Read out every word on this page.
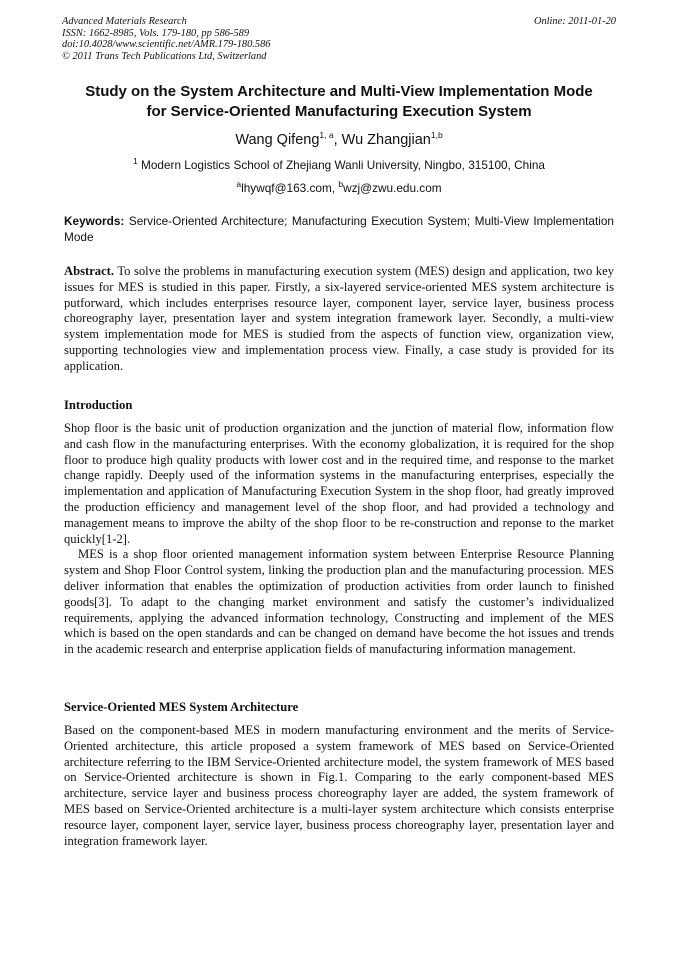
Advanced Materials Research
ISSN: 1662-8985, Vols. 179-180, pp 586-589
doi:10.4028/www.scientific.net/AMR.179-180.586
© 2011 Trans Tech Publications Ltd, Switzerland
Online: 2011-01-20
Study on the System Architecture and Multi-View Implementation Mode
for Service-Oriented Manufacturing Execution System
Wang Qifeng$^{1, a}$, Wu Zhangjian$^{1,b}$
$^1$ Modern Logistics School of Zhejiang Wanli University, Ningbo, 315100, China
$^a$lhywqf@163.com, $^b$wzj@zwu.edu.com
Keywords: Service-Oriented Architecture; Manufacturing Execution System; Multi-View Implementation Mode
Abstract. To solve the problems in manufacturing execution system (MES) design and application, two key issues for MES is studied in this paper. Firstly, a six-layered service-oriented MES system architecture is putforward, which includes enterprises resource layer, component layer, service layer, business process choreography layer, presentation layer and system integration framework layer. Secondly, a multi-view system implementation mode for MES is studied from the aspects of function view, organization view, supporting technologies view and implementation process view. Finally, a case study is provided for its application.
Introduction

Shop floor is the basic unit of production organization and the junction of material flow, information flow and cash flow in the manufacturing enterprises. With the economy globalization, it is required for the shop floor to produce high quality products with lower cost and in the required time, and response to the market change rapidly. Deeply used of the information systems in the manufacturing enterprises, especially the implementation and application of Manufacturing Execution System in the shop floor, had greatly improved the production efficiency and management level of the shop floor, and had provided a technology and management means to improve the abilty of the shop floor to be re-construction and reponse to the market quickly[1-2].

MES is a shop floor oriented management information system between Enterprise Resource Planning system and Shop Floor Control system, linking the production plan and the manufacturing procession. MES deliver information that enables the optimization of production activities from order launch to finished goods[3]. To adapt to the changing market environment and satisfy the customer’s individualized requirements, applying the advanced information technology, Constructing and implement of the MES which is based on the open standards and can be changed on demand have become the hot issues and trends in the academic research and enterprise application fields of manufacturing information management.

Service-Oriented MES System Architecture

Based on the component-based MES in modern manufacturing environment and the merits of Service-Oriented architecture, this article proposed a system framework of MES based on Service-Oriented architecture referring to the IBM Service-Oriented architecture model, the system framework of MES based on Service-Oriented architecture is shown in Fig.1. Comparing to the early component-based MES architecture, service layer and business process choreography layer are added, the system framework of MES based on Service-Oriented architecture is a multi-layer system architecture which consists enterprise resource layer, component layer, service layer, business process choreography layer, presentation layer and integration framework layer.
